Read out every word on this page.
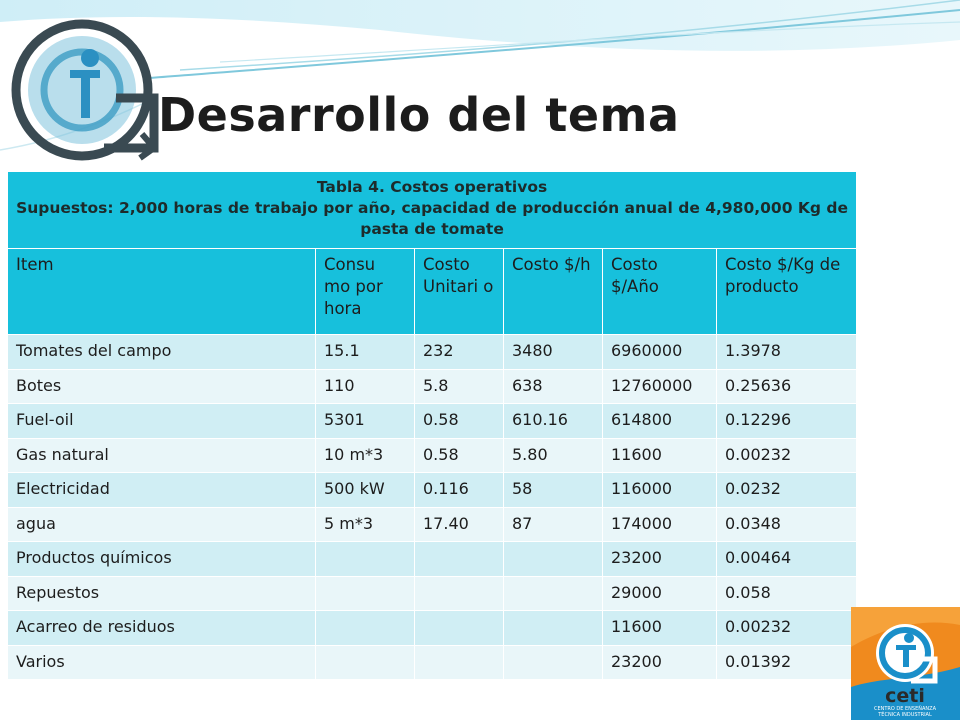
Desarrollo del tema
Tabla 4. Costos operativos
Supuestos: 2,000 horas de trabajo por año, capacidad de producción anual de 4,980,000 Kg de pasta de tomate					

Item	Consu mo por hora	Costo Unitari o	Costo $/h	Costo $/Año	Costo $/Kg de producto
Tomates del campo	15.1	232	3480	6960000	1.3978
Botes	110	5.8	638	12760000	0.25636
Fuel-oil	5301	0.58	610.16	614800	0.12296
Gas natural	10 m*3	0.58	5.80	11600	0.00232
Electricidad	500 kW	0.116	58	116000	0.0232
agua	5 m*3	17.40	87	174000	0.0348
Productos químicos				23200	0.00464
Repuestos				29000	0.058
Acarreo de residuos				11600	0.00232
Varios				23200	0.01392
ceti
CENTRO DE ENSEÑANZA
TÉCNICA INDUSTRIAL
